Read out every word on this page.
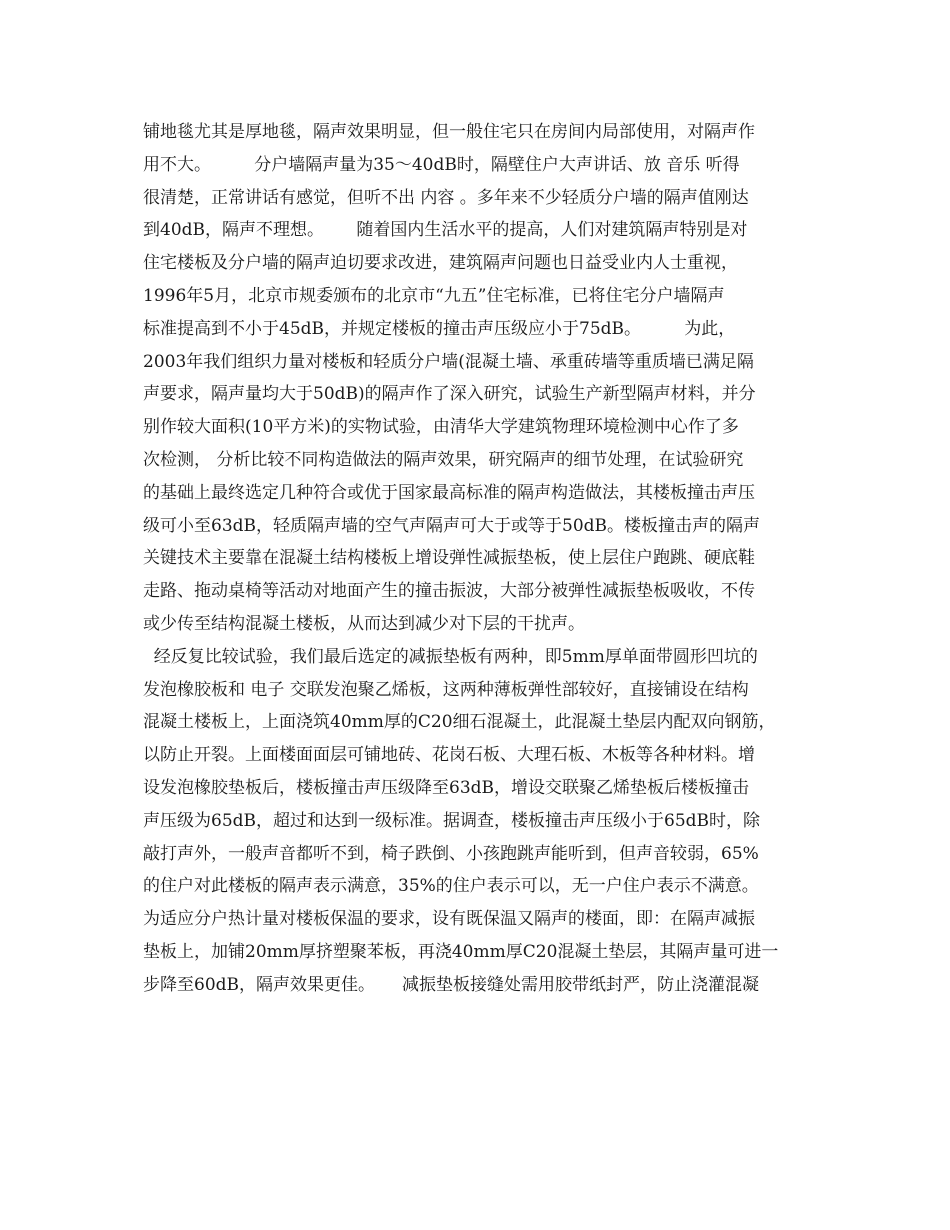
铺地毯尤其是厚地毯，隔声效果明显，但一般住宅只在房间内局部使用，对隔声作
用不大。        分户墙隔声量为35～40dB时，隔壁住户大声讲话、放 音乐 听得
很清楚，正常讲话有感觉，但听不出 内容 。多年来不少轻质分户墙的隔声值刚达
到40dB，隔声不理想。      随着国内生活水平的提高，人们对建筑隔声特别是对
住宅楼板及分户墙的隔声迫切要求改进，建筑隔声问题也日益受业内人士重视，
1996年5月，北京市规委颁布的北京市“九五”住宅标准，已将住宅分户墙隔声
标准提高到不小于45dB，并规定楼板的撞击声压级应小于75dB。        为此，
2003年我们组织力量对楼板和轻质分户墙(混凝土墙、承重砖墙等重质墙已满足隔
声要求，隔声量均大于50dB)的隔声作了深入研究，试验生产新型隔声材料，并分
别作较大面积(10平方米)的实物试验，由清华大学建筑物理环境检测中心作了多
次检测， 分析比较不同构造做法的隔声效果，研究隔声的细节处理，在试验研究
的基础上最终选定几种符合或优于国家最高标准的隔声构造做法，其楼板撞击声压
级可小至63dB，轻质隔声墙的空气声隔声可大于或等于50dB。楼板撞击声的隔声
关键技术主要靠在混凝土结构楼板上增设弹性减振垫板，使上层住户跑跳、硬底鞋
走路、拖动桌椅等活动对地面产生的撞击振波，大部分被弹性减振垫板吸收，不传
或少传至结构混凝土楼板，从而达到减少对下层的干扰声。
经反复比较试验，我们最后选定的减振垫板有两种，即5mm厚单面带圆形凹坑的
发泡橡胶板和 电子 交联发泡聚乙烯板，这两种薄板弹性部较好，直接铺设在结构
混凝土楼板上，上面浇筑40mm厚的C20细石混凝土，此混凝土垫层内配双向钢筋，
以防止开裂。上面楼面面层可铺地砖、花岗石板、大理石板、木板等各种材料。增
设发泡橡胶垫板后，楼板撞击声压级降至63dB，增设交联聚乙烯垫板后楼板撞击
声压级为65dB，超过和达到一级标准。据调查，楼板撞击声压级小于65dB时，除
敲打声外，一般声音都听不到，椅子跌倒、小孩跑跳声能听到，但声音较弱，65%
的住户对此楼板的隔声表示满意，35%的住户表示可以，无一户住户表示不满意。
为适应分户热计量对楼板保温的要求，设有既保温又隔声的楼面，即：在隔声减振
垫板上，加铺20mm厚挤塑聚苯板，再浇40mm厚C20混凝土垫层，其隔声量可进一
步降至60dB，隔声效果更佳。     减振垫板接缝处需用胶带纸封严，防止浇灌混凝
